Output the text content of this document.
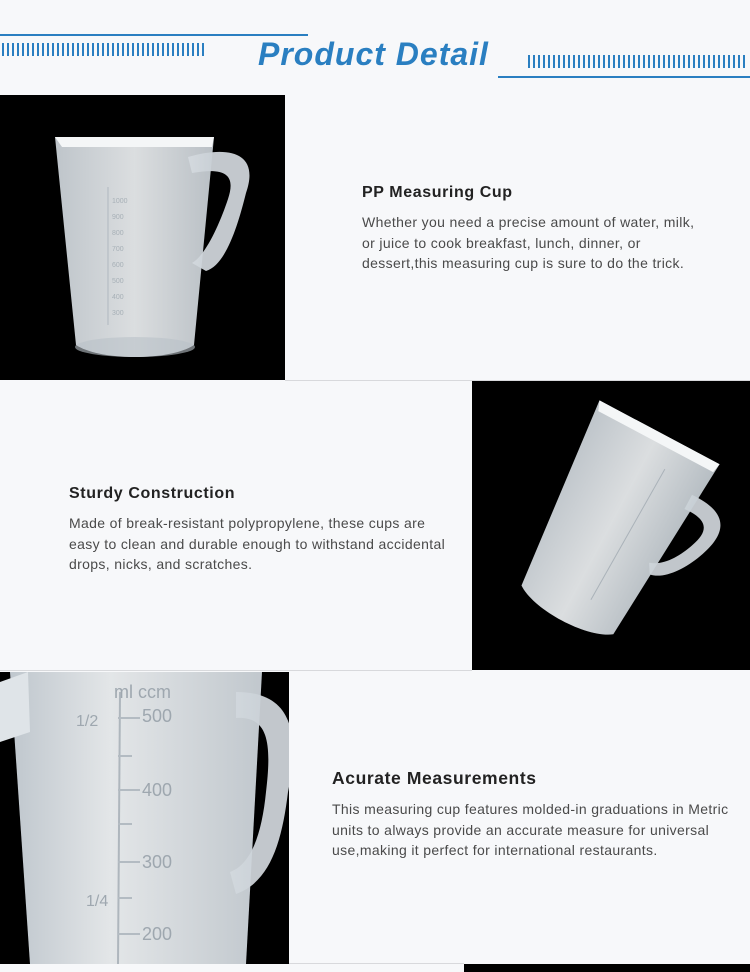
Product Detail
1000
900
800
700
600
500
400
300
PP Measuring Cup

Whether you need a precise amount of water, milk, or juice to cook breakfast, lunch, dinner, or dessert,this measuring cup is sure to do the trick.

Sturdy Construction

Made of break-resistant polypropylene, these cups are easy to clean and durable enough to withstand accidental drops, nicks, and scratches.

ml ccm
1/2 500
400
300
1/4
200
Acurate Measurements

This measuring cup features molded-in graduations in Metric units to always provide an accurate measure for universal use,making it perfect for international restaurants.
